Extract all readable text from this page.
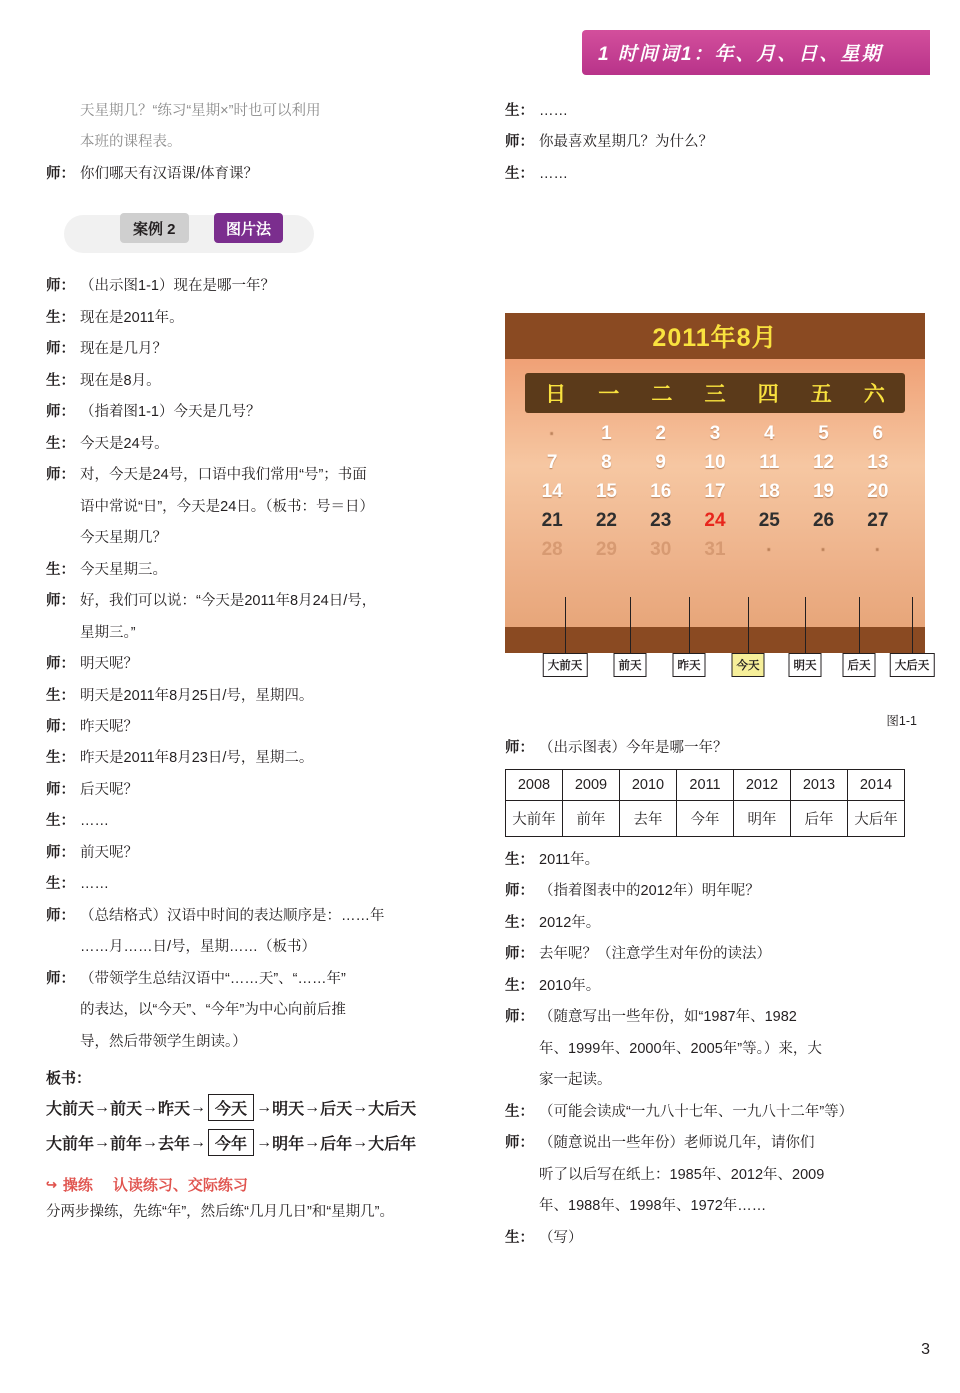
1 时间词1：年、月、日、星期
天星期几？“练习“星期×”时也可以利用
本班的课程表。
师： 你们哪天有汉语课/体育课？
案例 2	图片法
师： （出示图1-1）现在是哪一年？
生： 现在是2011年。
师： 现在是几月？
生： 现在是8月。
师： （指着图1-1）今天是几号？
生： 今天是24号。
师： 对，今天是24号，口语中我们常用“号”；书面
语中常说“日”，今天是24日。（板书：号＝日）
今天星期几？
生： 今天星期三。
师： 好，我们可以说：“今天是2011年8月24日/号，
星期三。”
师： 明天呢？
生： 明天是2011年8月25日/号，星期四。
师： 昨天呢？
生： 昨天是2011年8月23日/号，星期二。
师： 后天呢？
生： ……
师： 前天呢？
生： ……
师： （总结格式）汉语中时间的表达顺序是：……年
……月……日/号，星期……（板书）
师： （带领学生总结汉语中“……天”、“……年”
的表达，以“今天”、“今年”为中心向前后推
导，然后带领学生朗读。）
板书：
大前天 → 前天 → 昨天 → 今天 → 明天 → 后天 → 大后天
大前年 → 前年 → 去年 → 今年 → 明年 → 后年 → 大后年
↪ 操练 认读练习、交际练习
分两步操练，先练“年”，然后练“几月几日”和“星期几”。
生： ……
师： 你最喜欢星期几？为什么？
生： ……
2011年8月
日	一	二	三	四	五	六
·	1	2	3	4	5	6
7	8	9	10	11	12	13
14	15	16	17	18	19	20
21	22	23	24	25	26	27
28	29	30	31	·	·	·
大前天	前天	昨天	今天	明天	后天	大后天
图1-1
师： （出示图表）今年是哪一年？
2008	2009	2010	2011	2012	2013	2014
大前年	前年	去年	今年	明年	后年	大后年
生： 2011年。
师： （指着图表中的2012年）明年呢？
生： 2012年。
师： 去年呢？（注意学生对年份的读法）
生： 2010年。
师： （随意写出一些年份，如“1987年、1982
年、1999年、2000年、2005年”等。）来，大
家一起读。
生： （可能会读成“一九八十七年、一九八十二年”等）
师： （随意说出一些年份）老师说几年，请你们
听了以后写在纸上：1985年、2012年、2009
年、1988年、1998年、1972年……
生： （写）
3
